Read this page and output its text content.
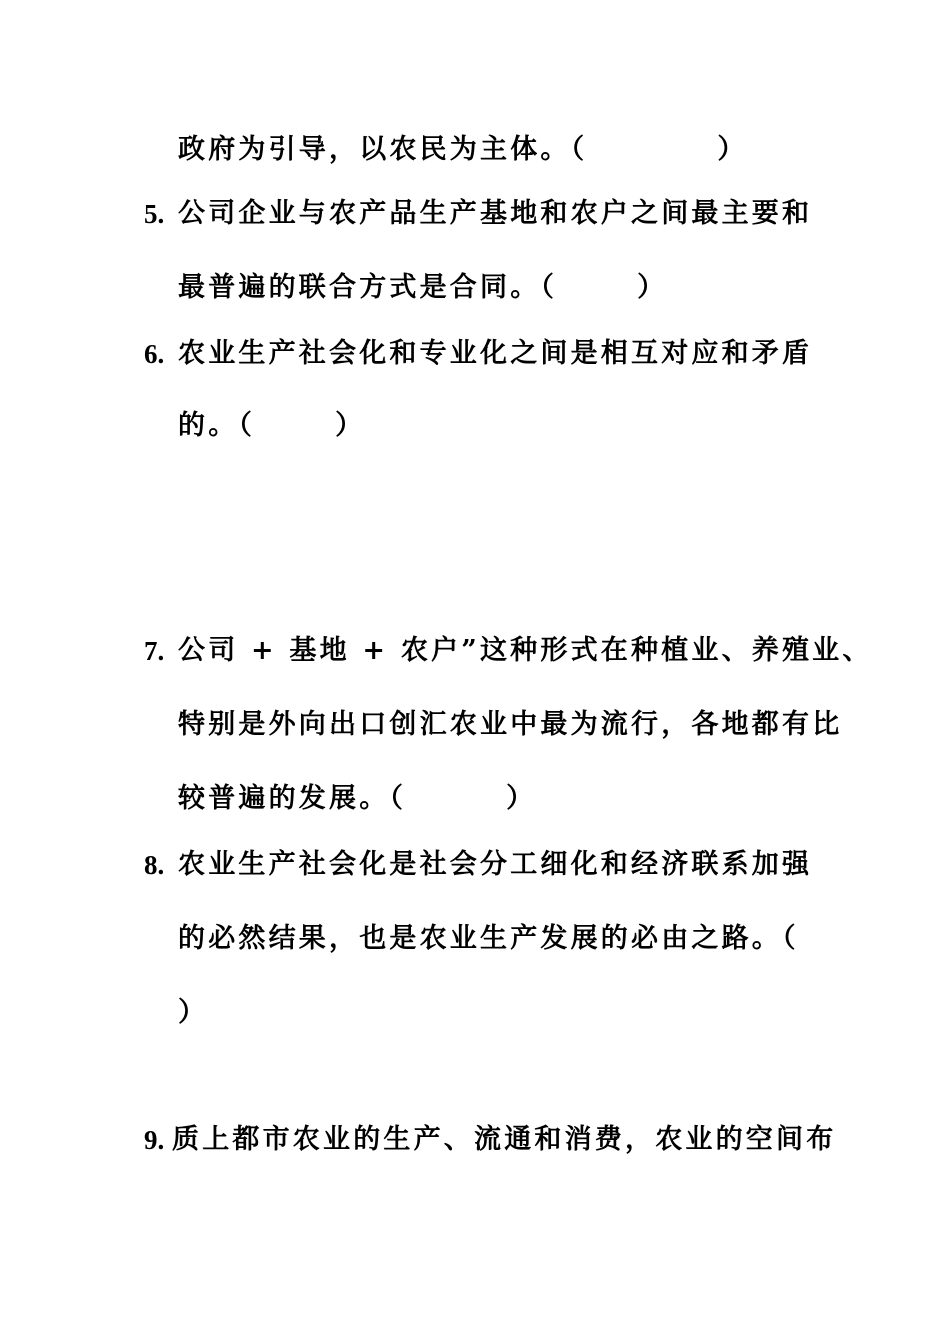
政府为引导，以农民为主体。（	）
5. 公司企业与农产品生产基地和农户之间最主要和
最普遍的联合方式是合同。（	）
6. 农业生产社会化和专业化之间是相互对应和矛盾
的。（	）
7. 公司 + 基地 + 农户”这种形式在种植业、养殖业、
特别是外向出口创汇农业中最为流行，各地都有比
较普遍的发展。（	）
8. 农业生产社会化是社会分工细化和经济联系加强
的必然结果，也是农业生产发展的必由之路。（
）
9. 质上都市农业的生产、流通和消费，农业的空间布
